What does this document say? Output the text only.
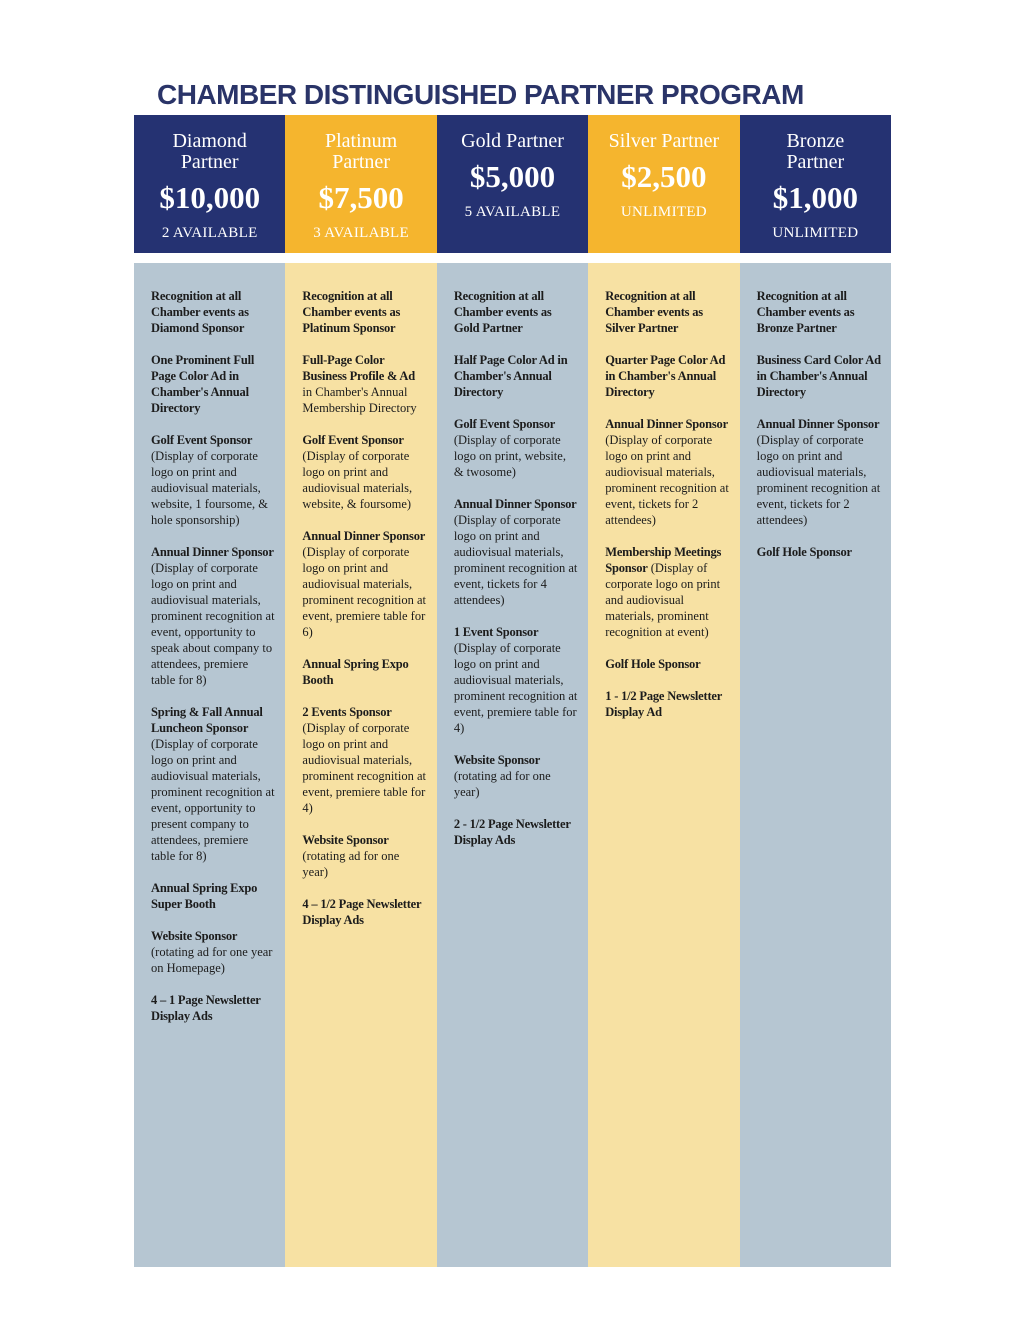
CHAMBER DISTINGUISHED PARTNER PROGRAM
Diamond Partner
$10,000
2 AVAILABLE
Platinum Partner
$7,500
3 AVAILABLE
Gold Partner
$5,000
5 AVAILABLE
Silver Partner
$2,500
UNLIMITED
Bronze Partner
$1,000
UNLIMITED
Recognition at all Chamber events as Diamond Sponsor
One Prominent Full Page Color Ad in Chamber's Annual Directory
Golf Event Sponsor (Display of corporate logo on print and audiovisual materials, website, 1 foursome, & hole sponsorship)
Annual Dinner Sponsor (Display of corporate logo on print and audiovisual materials, prominent recognition at event, opportunity to speak about company to attendees, premiere table for 8)
Spring & Fall Annual Luncheon Sponsor (Display of corporate logo on print and audiovisual materials, prominent recognition at event, opportunity to present company to attendees, premiere table for 8)
Annual Spring Expo Super Booth
Website Sponsor (rotating ad for one year on Homepage)
4 – 1 Page Newsletter Display Ads
Recognition at all Chamber events as Platinum Sponsor
Full-Page Color Business Profile & Ad in Chamber's Annual Membership Directory
Golf Event Sponsor (Display of corporate logo on print and audiovisual materials, website, & foursome)
Annual Dinner Sponsor (Display of corporate logo on print and audiovisual materials, prominent recognition at event, premiere table for 6)
Annual Spring Expo Booth
2 Events Sponsor (Display of corporate logo on print and audiovisual materials, prominent recognition at event, premiere table for 4)
Website Sponsor (rotating ad for one year)
4 – 1/2 Page Newsletter Display Ads
Recognition at all Chamber events as Gold Partner
Half Page Color Ad in Chamber's Annual Directory
Golf Event Sponsor (Display of corporate logo on print, website, & twosome)
Annual Dinner Sponsor (Display of corporate logo on print and audiovisual materials, prominent recognition at event, tickets for 4 attendees)
1 Event Sponsor (Display of corporate logo on print and audiovisual materials, prominent recognition at event, premiere table for 4)
Website Sponsor (rotating ad for one year)
2 - 1/2 Page Newsletter Display Ads
Recognition at all Chamber events as Silver Partner
Quarter Page Color Ad in Chamber's Annual Directory
Annual Dinner Sponsor (Display of corporate logo on print and audiovisual materials, prominent recognition at event, tickets for 2 attendees)
Membership Meetings Sponsor (Display of corporate logo on print and audiovisual materials, prominent recognition at event)
Golf Hole Sponsor
1 - 1/2 Page Newsletter Display Ad
Recognition at all Chamber events as Bronze Partner
Business Card Color Ad in Chamber's Annual Directory
Annual Dinner Sponsor (Display of corporate logo on print and audiovisual materials, prominent recognition at event, tickets for 2 attendees)
Golf Hole Sponsor
